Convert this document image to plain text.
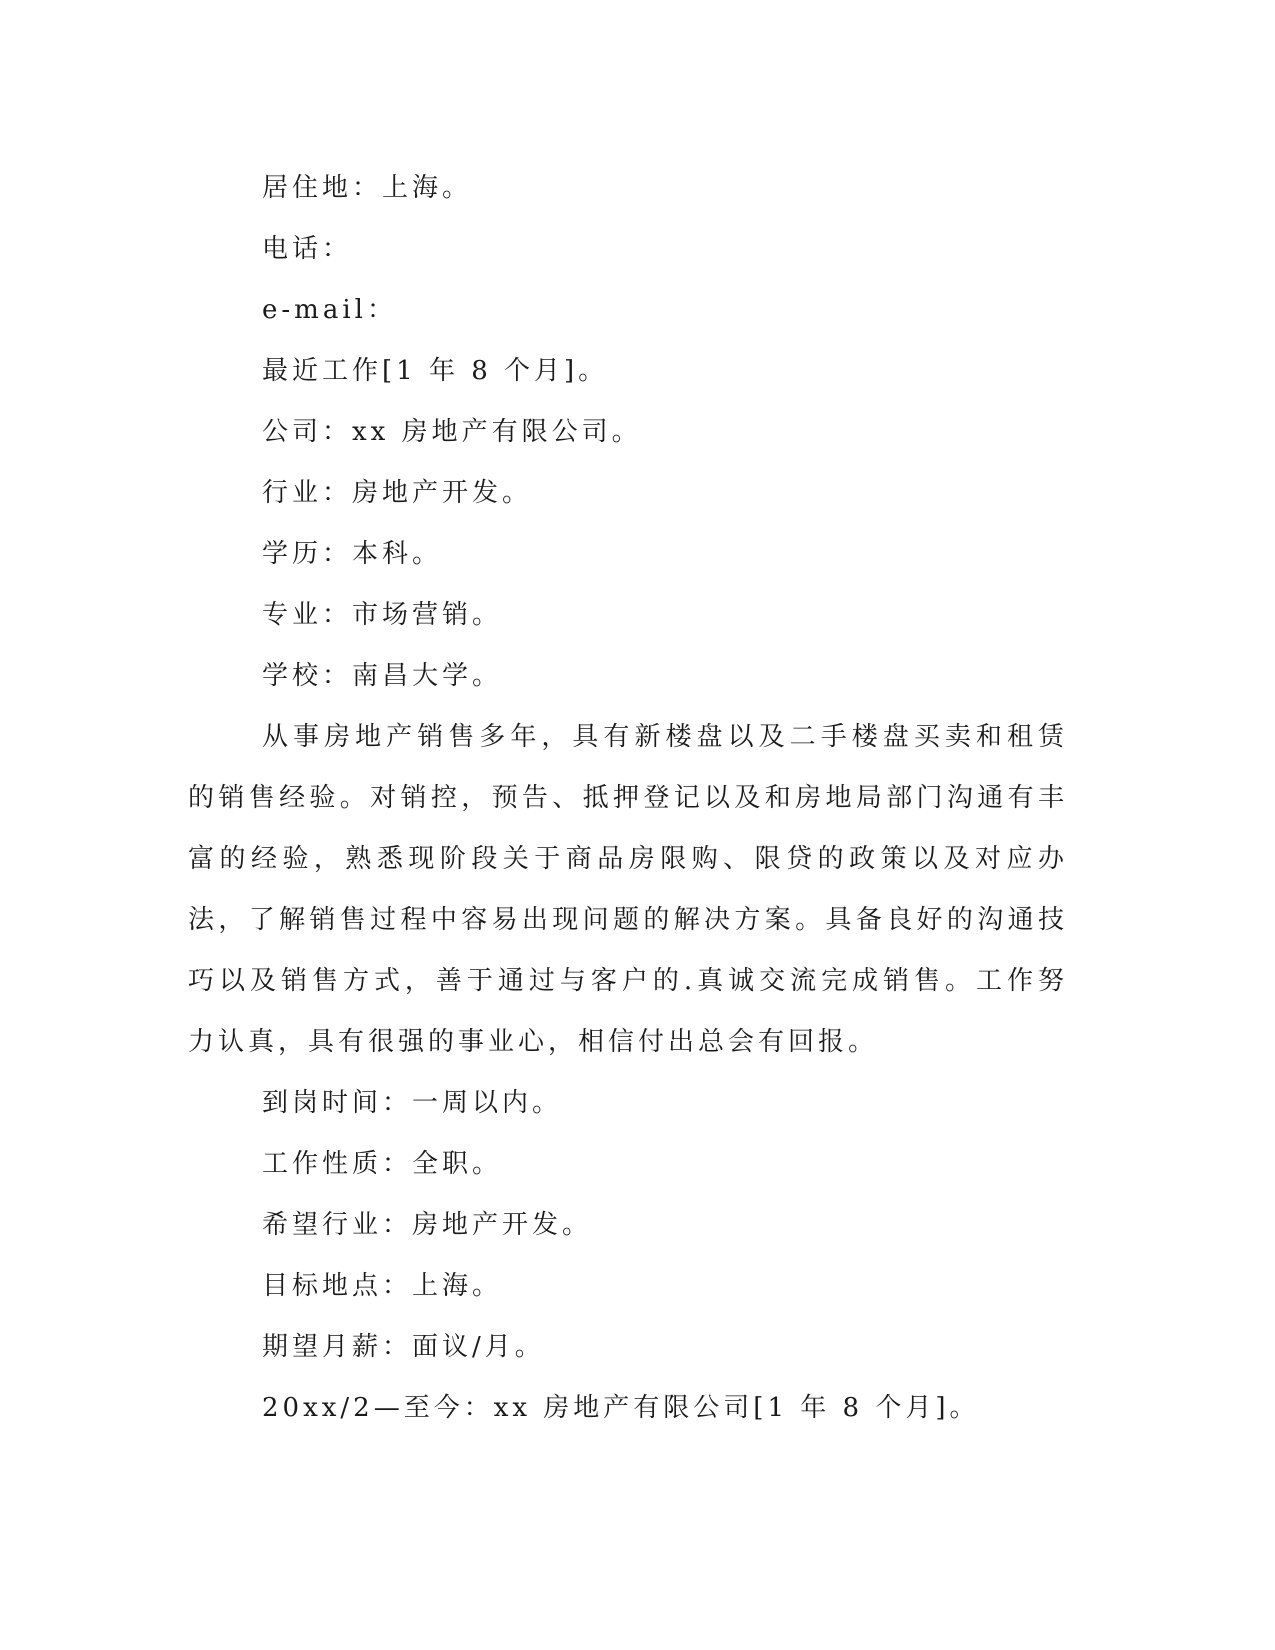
居住地：上海。
电话：
e-mail：
最近工作[1 年 8 个月]。
公司：xx 房地产有限公司。
行业：房地产开发。
学历：本科。
专业：市场营销。
学校：南昌大学。

从事房地产销售多年，具有新楼盘以及二手楼盘买卖和租赁的销售经验。对销控，预告、抵押登记以及和房地局部门沟通有丰富的经验，熟悉现阶段关于商品房限购、限贷的政策以及对应办法，了解销售过程中容易出现问题的解决方案。具备良好的沟通技巧以及销售方式，善于通过与客户的.真诚交流完成销售。工作努力认真，具有很强的事业心，相信付出总会有回报。

到岗时间：一周以内。
工作性质：全职。
希望行业：房地产开发。
目标地点：上海。
期望月薪：面议/月。
20xx/2—至今：xx 房地产有限公司[1 年 8 个月]。
